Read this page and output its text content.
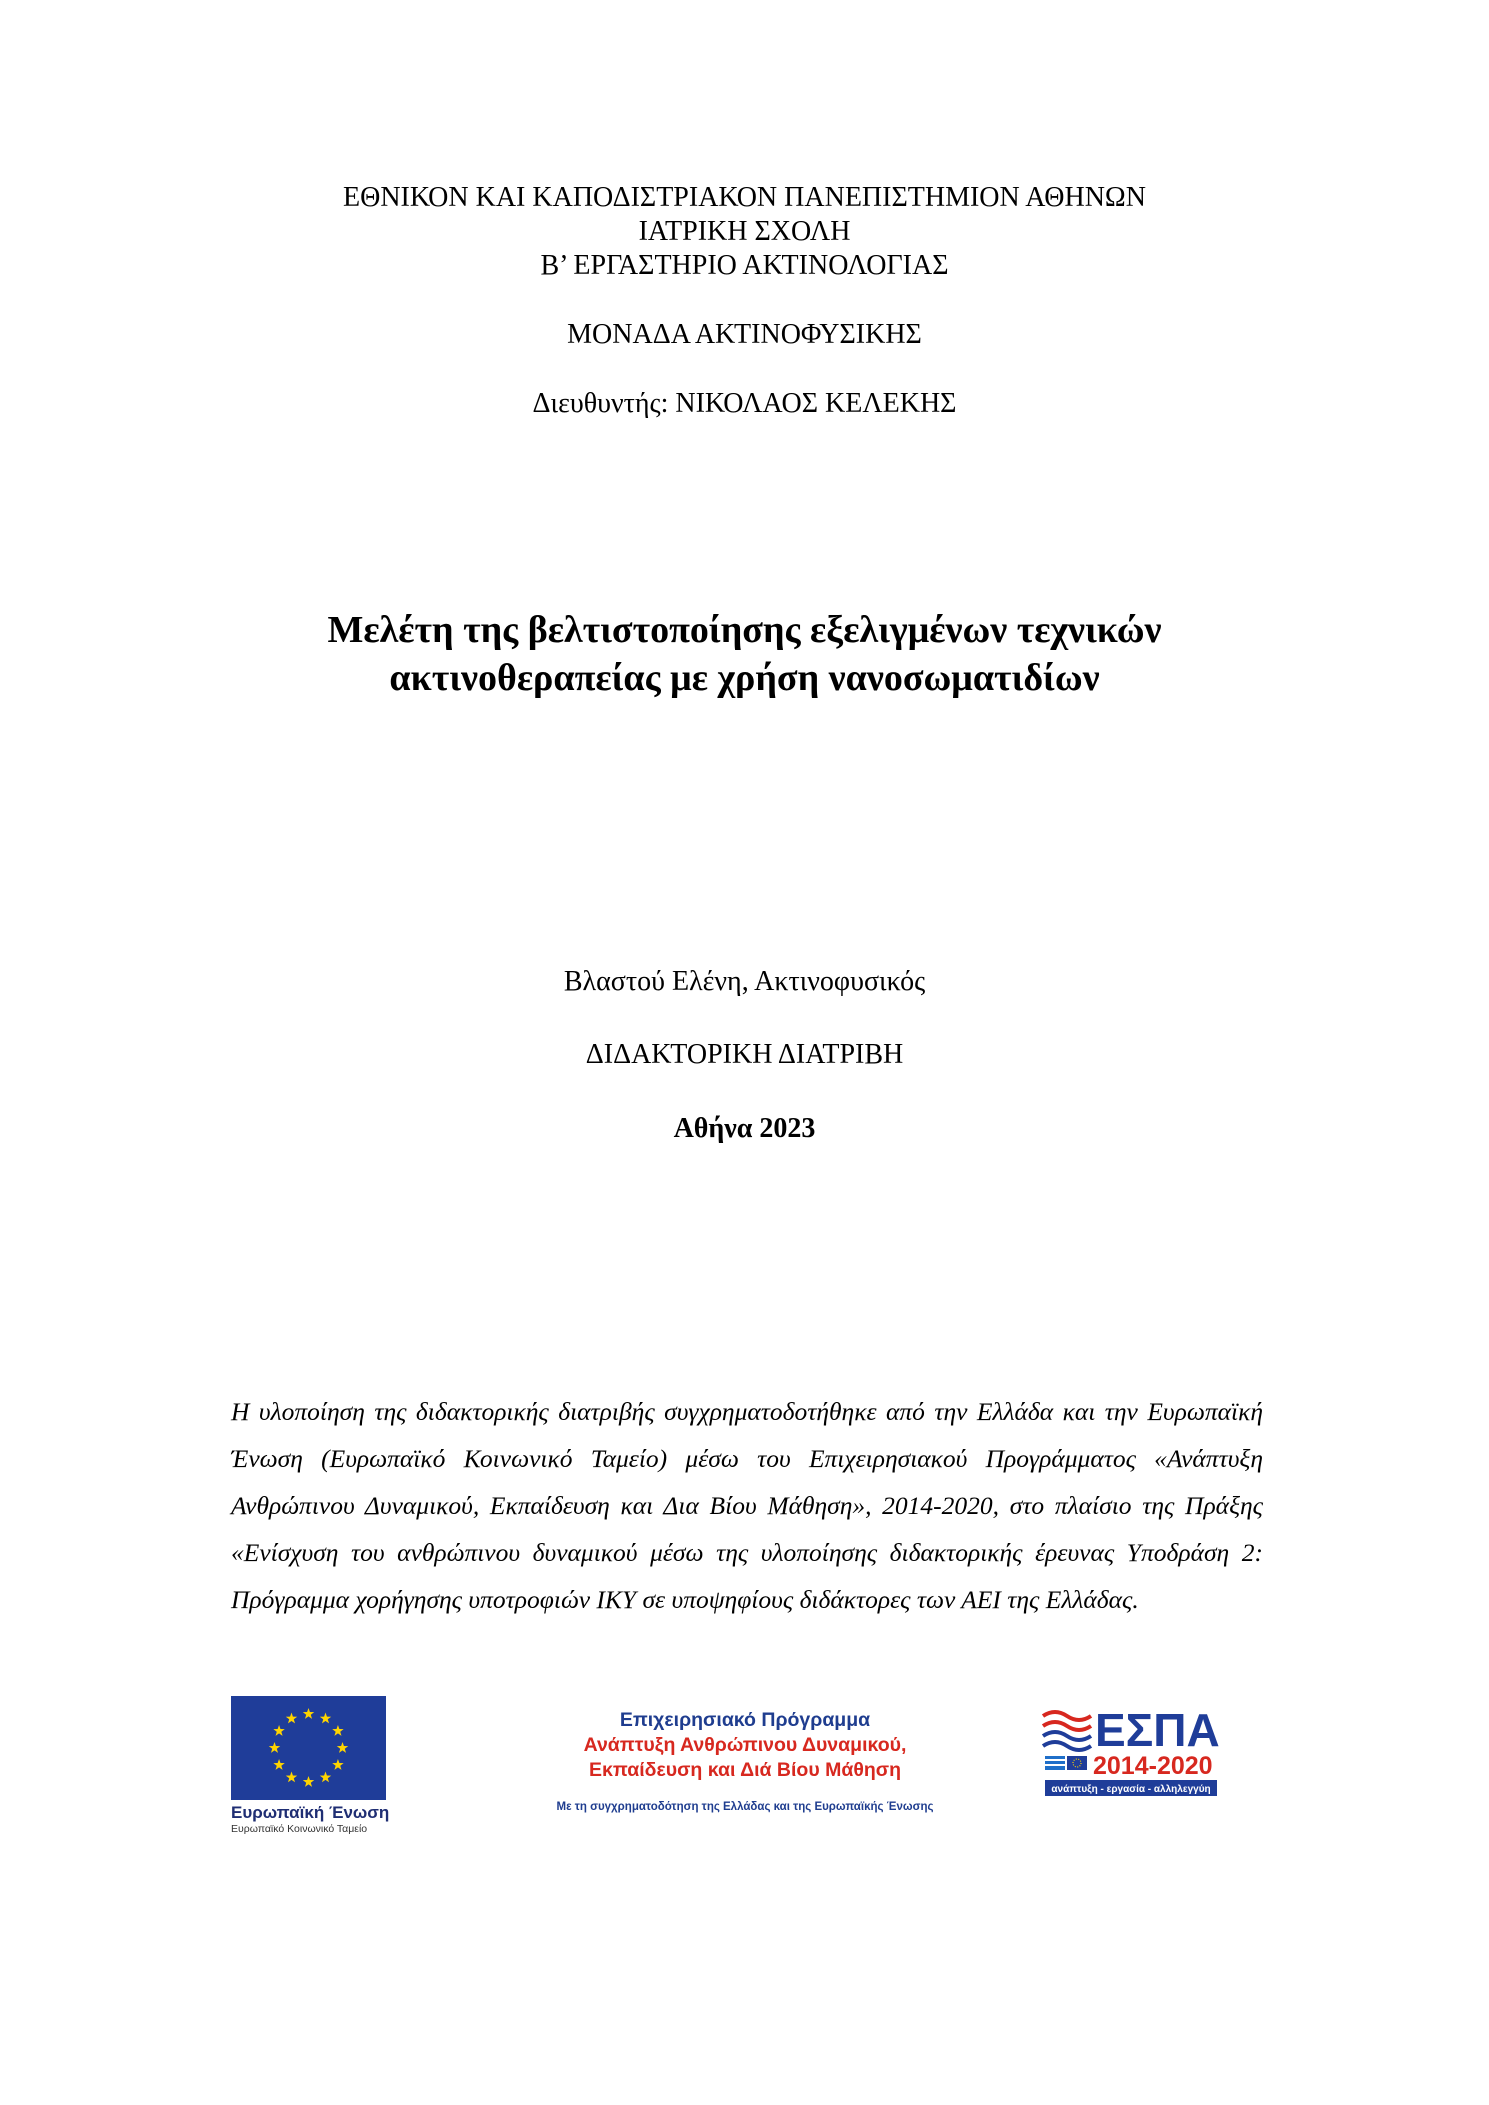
ΕΘΝΙΚΟΝ ΚΑΙ ΚΑΠΟΔΙΣΤΡΙΑΚΟΝ ΠΑΝΕΠΙΣΤΗΜΙΟΝ ΑΘΗΝΩΝ
ΙΑΤΡΙΚΗ ΣΧΟΛΗ
Β’ ΕΡΓΑΣΤΗΡΙΟ ΑΚΤΙΝΟΛΟΓΙΑΣ
ΜΟΝΑΔΑ ΑΚΤΙΝΟΦΥΣΙΚΗΣ
Διευθυντής: ΝΙΚΟΛΑΟΣ ΚΕΛΕΚΗΣ
Μελέτη της βελτιστοποίησης εξελιγμένων τεχνικών
ακτινοθεραπείας με χρήση νανοσωματιδίων
Βλαστού Ελένη, Ακτινοφυσικός
ΔΙΔΑΚΤΟΡΙΚΗ ΔΙΑΤΡΙΒΗ
Αθήνα 2023
Η υλοποίηση της διδακτορικής διατριβής συγχρηματοδοτήθηκε από την Ελλάδα και την Ευρωπαϊκή Ένωση (Ευρωπαϊκό Κοινωνικό Ταμείο) μέσω του Επιχειρησιακού Προγράμματος «Ανάπτυξη Ανθρώπινου Δυναμικού, Εκπαίδευση και Δια Βίου Μάθηση», 2014-2020, στο πλαίσιο της Πράξης «Ενίσχυση του ανθρώπινου δυναμικού μέσω της υλοποίησης διδακτορικής έρευνας Υποδράση 2: Πρόγραμμα χορήγησης υποτροφιών ΙΚΥ σε υποψηφίους διδάκτορες των ΑΕΙ της Ελλάδας.
Ευρωπαϊκή Ένωση
Ευρωπαϊκό Κοινωνικό Ταμείο
Επιχειρησιακό Πρόγραμμα
Ανάπτυξη Ανθρώπινου Δυναμικού,
Εκπαίδευση και Διά Βίου Μάθηση
Με τη συγχρηματοδότηση της Ελλάδας και της Ευρωπαϊκής Ένωσης
ΕΣΠΑ
2014-2020
ανάπτυξη - εργασία - αλληλεγγύη
